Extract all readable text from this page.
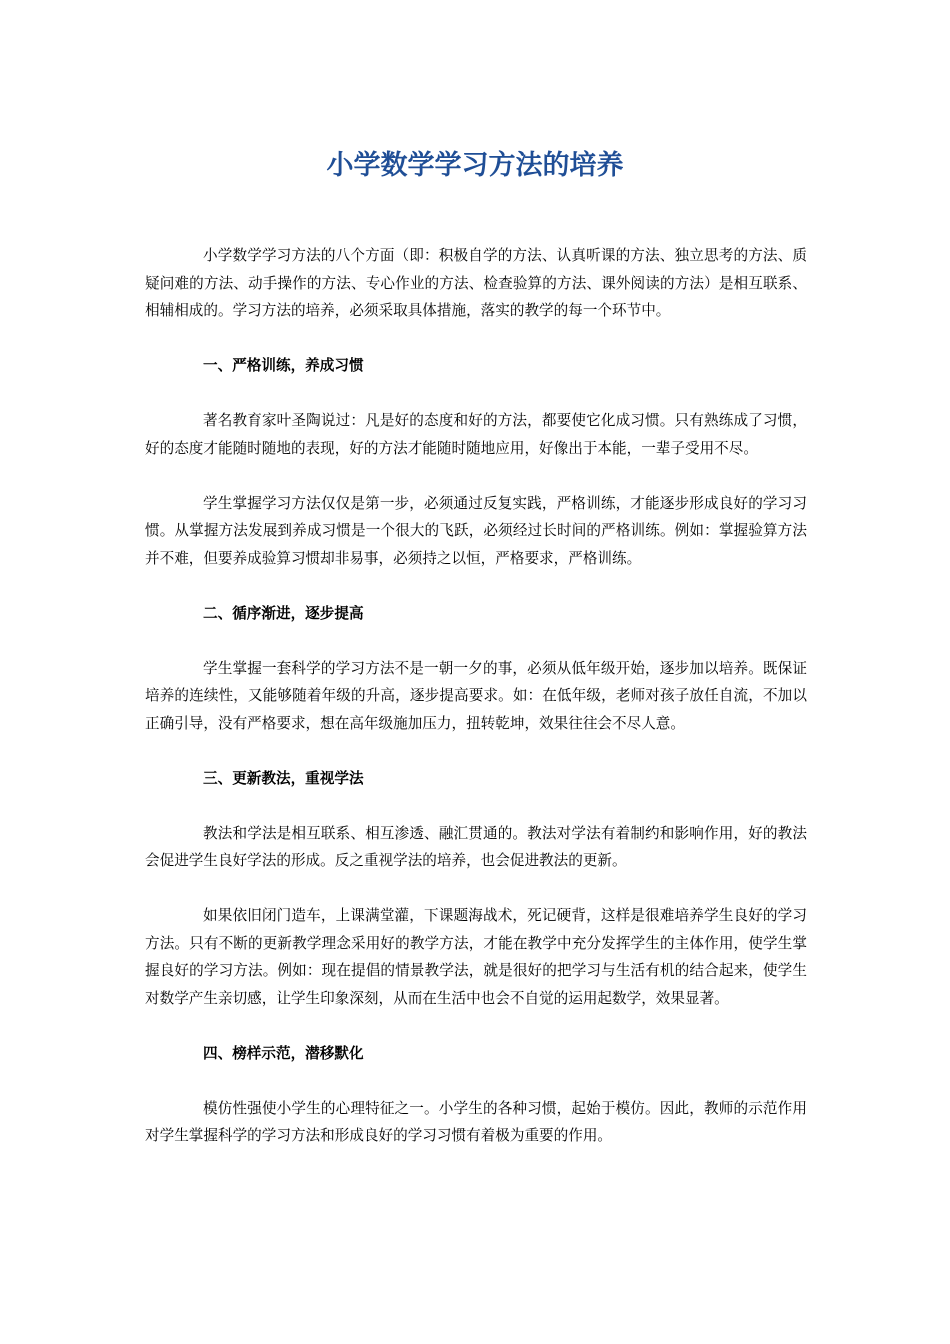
小学数学学习方法的培养

小学数学学习方法的八个方面（即：积极自学的方法、认真听课的方法、独立思考的方法、质疑问难的方法、动手操作的方法、专心作业的方法、检查验算的方法、课外阅读的方法）是相互联系、相辅相成的。学习方法的培养，必须采取具体措施，落实的教学的每一个环节中。

一、严格训练，养成习惯

著名教育家叶圣陶说过：凡是好的态度和好的方法，都要使它化成习惯。只有熟练成了习惯，好的态度才能随时随地的表现，好的方法才能随时随地应用，好像出于本能，一辈子受用不尽。

学生掌握学习方法仅仅是第一步，必须通过反复实践，严格训练，才能逐步形成良好的学习习惯。从掌握方法发展到养成习惯是一个很大的飞跃，必须经过长时间的严格训练。例如：掌握验算方法并不难，但要养成验算习惯却非易事，必须持之以恒，严格要求，严格训练。

二、循序渐进，逐步提高

学生掌握一套科学的学习方法不是一朝一夕的事，必须从低年级开始，逐步加以培养。既保证培养的连续性，又能够随着年级的升高，逐步提高要求。如：在低年级，老师对孩子放任自流，不加以正确引导，没有严格要求，想在高年级施加压力，扭转乾坤，效果往往会不尽人意。

三、更新教法，重视学法

教法和学法是相互联系、相互渗透、融汇贯通的。教法对学法有着制约和影响作用，好的教法会促进学生良好学法的形成。反之重视学法的培养，也会促进教法的更新。

如果依旧闭门造车，上课满堂灌，下课题海战术，死记硬背，这样是很难培养学生良好的学习方法。只有不断的更新教学理念采用好的教学方法，才能在教学中充分发挥学生的主体作用，使学生掌握良好的学习方法。例如：现在提倡的情景教学法，就是很好的把学习与生活有机的结合起来，使学生对数学产生亲切感，让学生印象深刻，从而在生活中也会不自觉的运用起数学，效果显著。

四、榜样示范，潜移默化

模仿性强使小学生的心理特征之一。小学生的各种习惯，起始于模仿。因此，教师的示范作用对学生掌握科学的学习方法和形成良好的学习习惯有着极为重要的作用。
